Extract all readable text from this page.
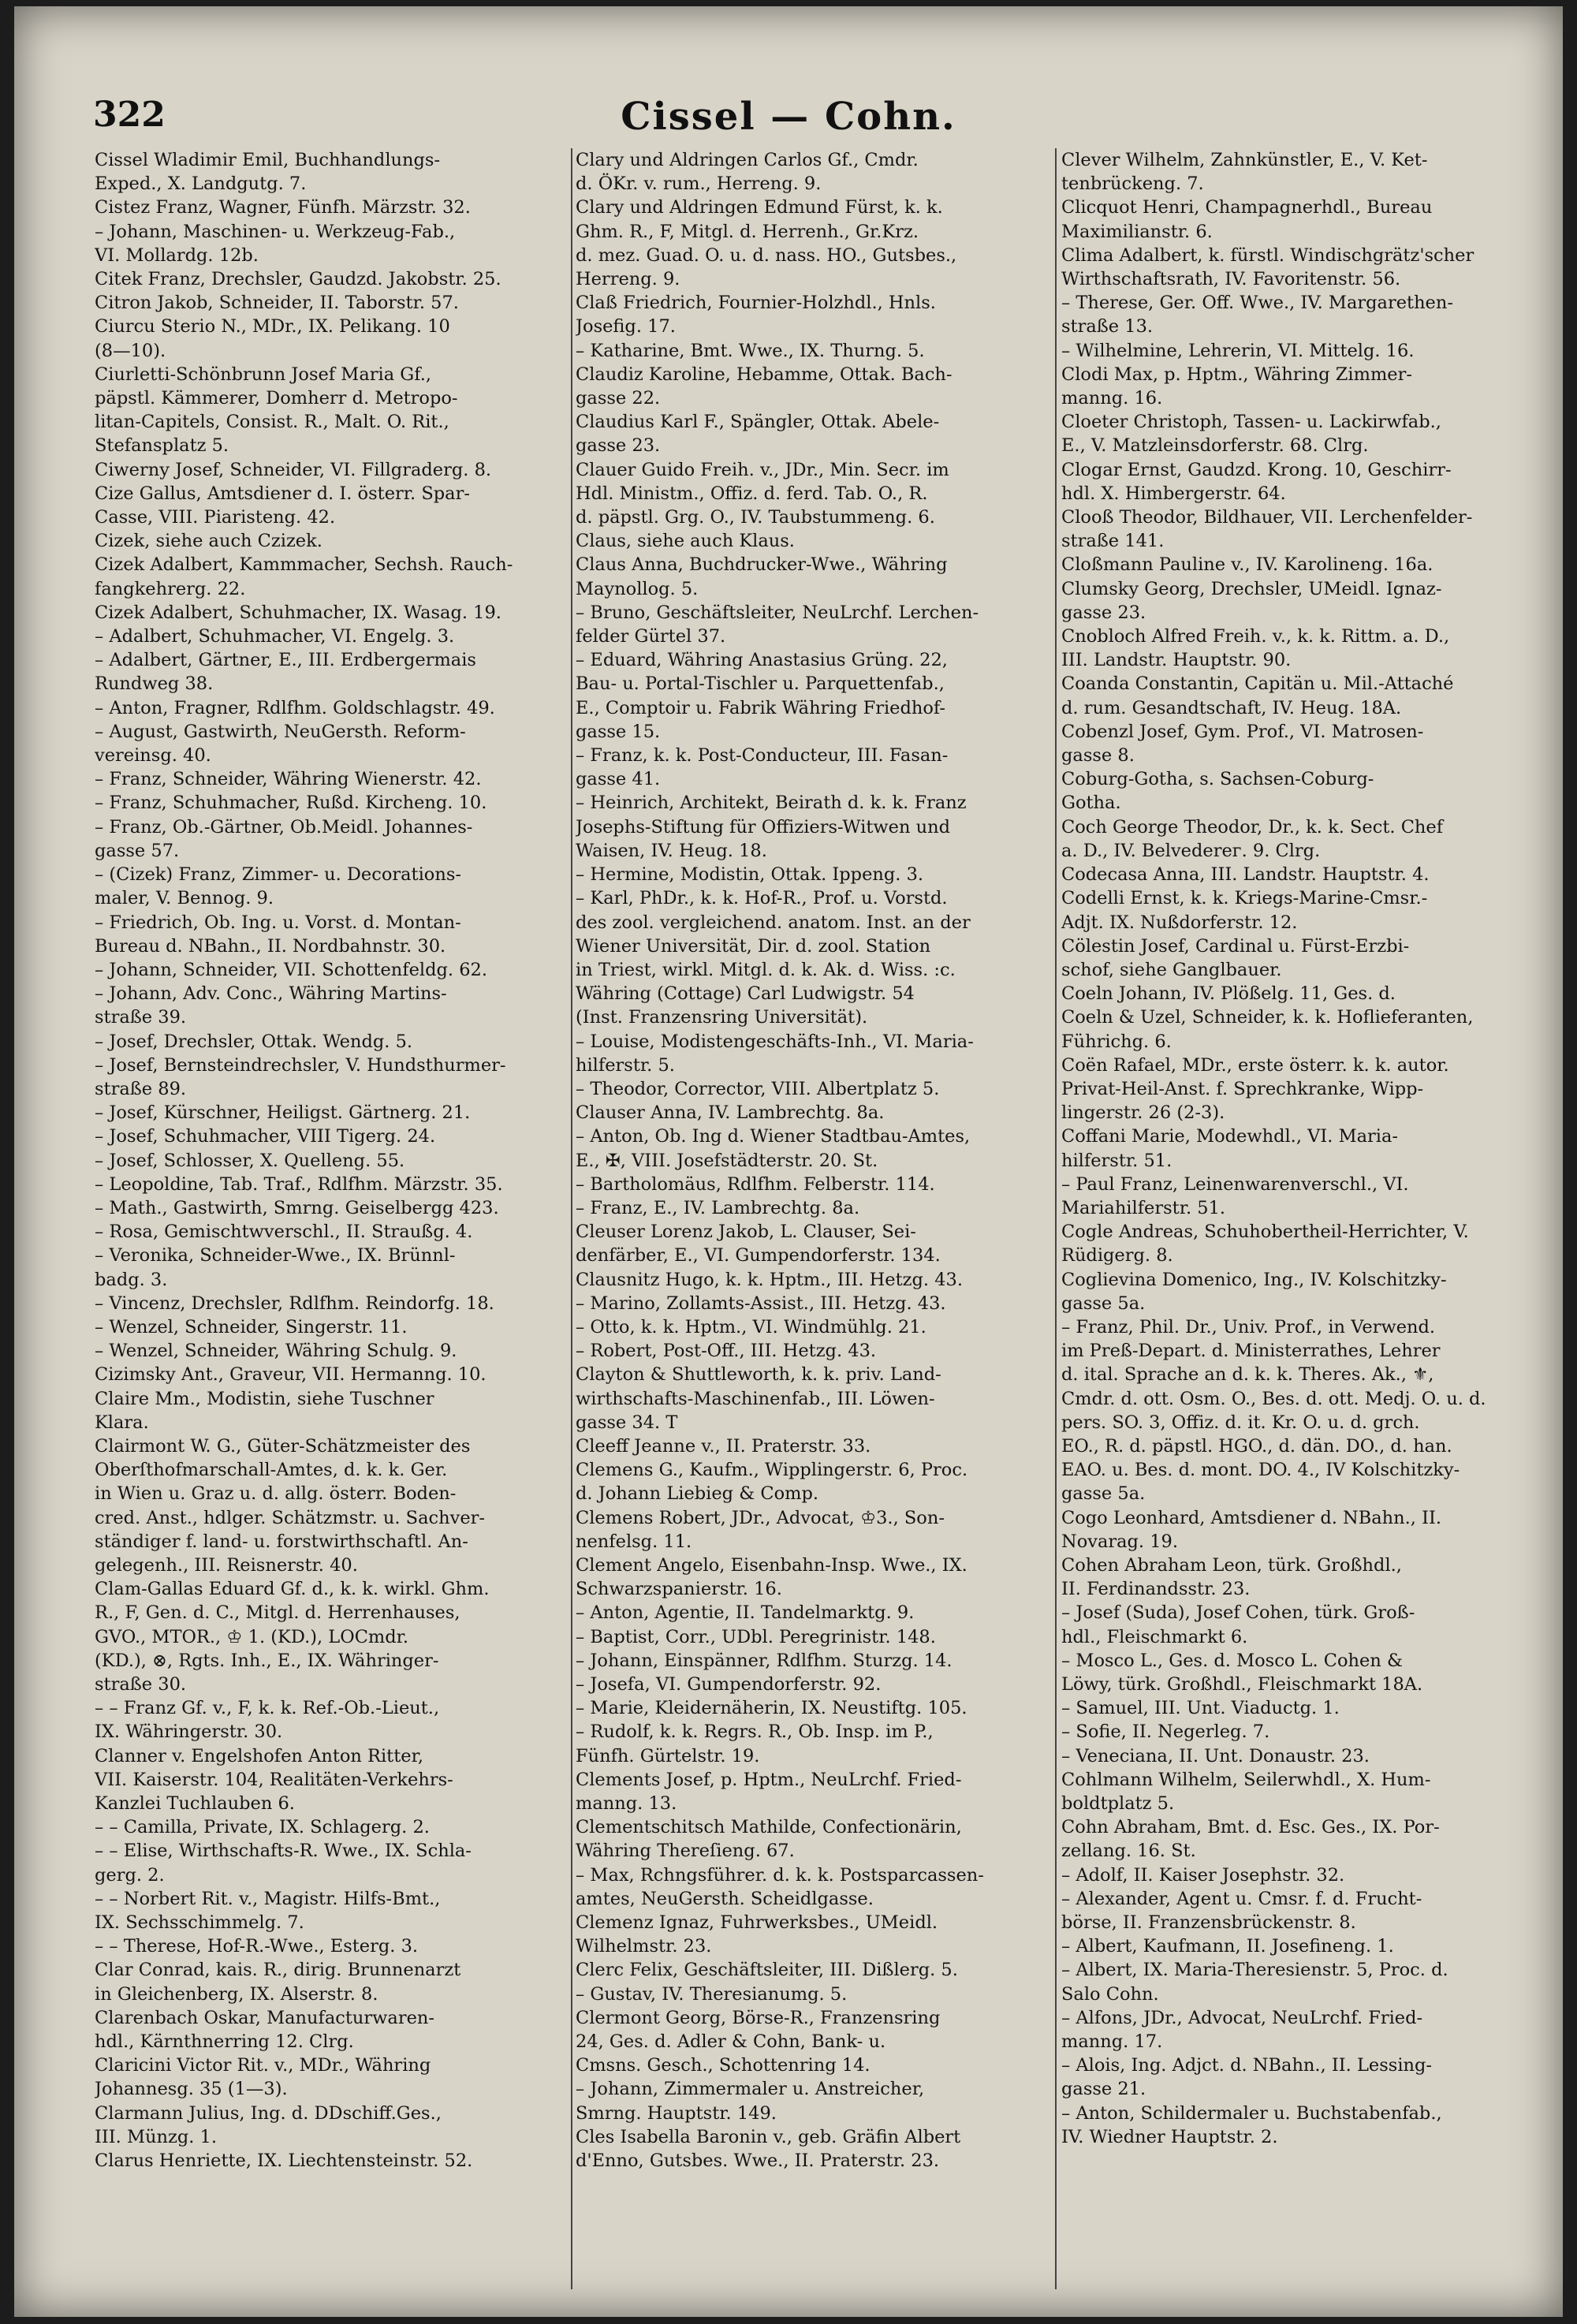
322	Cissel — Cohn.
Cissel Wladimir Emil, Buchhandlungs-
Exped., X. Landgutg. 7.
Cistez Franz, Wagner, Fünfh. Märzstr. 32.
– Johann, Maschinen- u. Werkzeug-Fab.,
VI. Mollardg. 12b.
Citek Franz, Drechsler, Gaudzd. Jakobstr. 25.
Citron Jakob, Schneider, II. Taborstr. 57.
Ciurcu Sterio N., MDr., IX. Pelikang. 10
(8—10).
Ciurletti-Schönbrunn Josef Maria Gf.,
päpstl. Kämmerer, Domherr d. Metropo-
litan-Capitels, Consist. R., Malt. O. Rit.,
Stefansplatz 5.
Ciwerny Josef, Schneider, VI. Fillgraderg. 8.
Cize Gallus, Amtsdiener d. I. österr. Spar-
Casse, VIII. Piaristeng. 42.
Cizek, siehe auch Czizek.
Cizek Adalbert, Kammmacher, Sechsh. Rauch-
fangkehrerg. 22.
Cizek Adalbert, Schuhmacher, IX. Wasag. 19.
– Adalbert, Schuhmacher, VI. Engelg. 3.
– Adalbert, Gärtner, E., III. Erdbergermais
Rundweg 38.
– Anton, Fragner, Rdlfhm. Goldschlagstr. 49.
– August, Gastwirth, NeuGersth. Reform-
vereinsg. 40.
– Franz, Schneider, Währing Wienerstr. 42.
– Franz, Schuhmacher, Rußd. Kircheng. 10.
– Franz, Ob.-Gärtner, Ob.Meidl. Johannes-
gasse 57.
– (Cizek) Franz, Zimmer- u. Decorations-
maler, V. Bennog. 9.
– Friedrich, Ob. Ing. u. Vorst. d. Montan-
Bureau d. NBahn., II. Nordbahnstr. 30.
– Johann, Schneider, VII. Schottenfeldg. 62.
– Johann, Adv. Conc., Währing Martins-
straße 39.
– Josef, Drechsler, Ottak. Wendg. 5.
– Josef, Bernsteindrechsler, V. Hundsthurmer-
straße 89.
– Josef, Kürschner, Heiligst. Gärtnerg. 21.
– Josef, Schuhmacher, VIII Tigerg. 24.
– Josef, Schlosser, X. Quelleng. 55.
– Leopoldine, Tab. Traf., Rdlfhm. Märzstr. 35.
– Math., Gastwirth, Smrng. Geiselbergg 423.
– Rosa, Gemischtwverschl., II. Straußg. 4.
– Veronika, Schneider-Wwe., IX. Brünnl-
badg. 3.
– Vincenz, Drechsler, Rdlfhm. Reindorfg. 18.
– Wenzel, Schneider, Singerstr. 11.
– Wenzel, Schneider, Währing Schulg. 9.
Cizimsky Ant., Graveur, VII. Hermanng. 10.
Claire Mm., Modistin, siehe Tuschner
Klara.
Clairmont W. G., Güter-Schätzmeister des
Oberſthofmarschall-Amtes, d. k. k. Ger.
in Wien u. Graz u. d. allg. österr. Boden-
cred. Anst., hdlger. Schätzmstr. u. Sachver-
ständiger f. land- u. forstwirthschaftl. An-
gelegenh., III. Reisnerstr. 40.
Clam-Gallas Eduard Gf. d., k. k. wirkl. Ghm.
R., F, Gen. d. C., Mitgl. d. Herrenhauses,
GVO., MTOR., ♔ 1. (KD.), LOCmdr.
(KD.), ⊗, Rgts. Inh., E., IX. Währinger-
straße 30.
– – Franz Gf. v., F, k. k. Ref.-Ob.-Lieut.,
IX. Währingerstr. 30.
Clanner v. Engelshofen Anton Ritter,
VII. Kaiserstr. 104, Realitäten-Verkehrs-
Kanzlei Tuchlauben 6.
– – Camilla, Private, IX. Schlagerg. 2.
– – Elise, Wirthschafts-R. Wwe., IX. Schla-
gerg. 2.
– – Norbert Rit. v., Magistr. Hilfs-Bmt.,
IX. Sechsschimmelg. 7.
– – Therese, Hof-R.-Wwe., Esterg. 3.
Clar Conrad, kais. R., dirig. Brunnenarzt
in Gleichenberg, IX. Alserstr. 8.
Clarenbach Oskar, Manufacturwaren-
hdl., Kärnthnerring 12. Clrg.
Claricini Victor Rit. v., MDr., Währing
Johannesg. 35 (1—3).
Clarmann Julius, Ing. d. DDschiff.Ges.,
III. Münzg. 1.
Clarus Henriette, IX. Liechtensteinstr. 52.
Clary und Aldringen Carlos Gf., Cmdr.
d. ÖKr. v. rum., Herreng. 9.
Clary und Aldringen Edmund Fürst, k. k.
Ghm. R., F, Mitgl. d. Herrenh., Gr.Krz.
d. mez. Guad. O. u. d. nass. HO., Gutsbes.,
Herreng. 9.
Claß Friedrich, Fournier-Holzhdl., Hnls.
Josefig. 17.
– Katharine, Bmt. Wwe., IX. Thurng. 5.
Claudiz Karoline, Hebamme, Ottak. Bach-
gasse 22.
Claudius Karl F., Spängler, Ottak. Abele-
gasse 23.
Clauer Guido Freih. v., JDr., Min. Secr. im
Hdl. Ministm., Offiz. d. ferd. Tab. O., R.
d. päpstl. Grg. O., IV. Taubstummeng. 6.
Claus, siehe auch Klaus.
Claus Anna, Buchdrucker-Wwe., Währing
Maynollog. 5.
– Bruno, Geschäftsleiter, NeuLrchf. Lerchen-
felder Gürtel 37.
– Eduard, Währing Anastasius Grüng. 22,
Bau- u. Portal-Tischler u. Parquettenfab.,
E., Comptoir u. Fabrik Währing Friedhof-
gasse 15.
– Franz, k. k. Post-Conducteur, III. Fasan-
gasse 41.
– Heinrich, Architekt, Beirath d. k. k. Franz
Josephs-Stiftung für Offiziers-Witwen und
Waisen, IV. Heug. 18.
– Hermine, Modistin, Ottak. Ippeng. 3.
– Karl, PhDr., k. k. Hof-R., Prof. u. Vorstd.
des zool. vergleichend. anatom. Inst. an der
Wiener Universität, Dir. d. zool. Station
in Triest, wirkl. Mitgl. d. k. Ak. d. Wiss. :c.
Währing (Cottage) Carl Ludwigstr. 54
(Inst. Franzensring Universität).
– Louise, Modistengeschäfts-Inh., VI. Maria-
hilferstr. 5.
– Theodor, Corrector, VIII. Albertplatz 5.
Clauser Anna, IV. Lambrechtg. 8a.
– Anton, Ob. Ing d. Wiener Stadtbau-Amtes,
E., ✠, VIII. Josefstädterstr. 20. St.
– Bartholomäus, Rdlfhm. Felberstr. 114.
– Franz, E., IV. Lambrechtg. 8a.
Cleuser Lorenz Jakob, L. Clauser, Sei-
denfärber, E., VI. Gumpendorferstr. 134.
Clausnitz Hugo, k. k. Hptm., III. Hetzg. 43.
– Marino, Zollamts-Assist., III. Hetzg. 43.
– Otto, k. k. Hptm., VI. Windmühlg. 21.
– Robert, Post-Off., III. Hetzg. 43.
Clayton & Shuttleworth, k. k. priv. Land-
wirthschafts-Maschinenfab., III. Löwen-
gasse 34. T
Cleeff Jeanne v., II. Praterstr. 33.
Clemens G., Kaufm., Wipplingerstr. 6, Proc.
d. Johann Liebieg & Comp.
Clemens Robert, JDr., Advocat, ♔3., Son-
nenfelsg. 11.
Clement Angelo, Eisenbahn-Insp. Wwe., IX.
Schwarzspanierstr. 16.
– Anton, Agentie, II. Tandelmarktg. 9.
– Baptist, Corr., UDbl. Peregrinistr. 148.
– Johann, Einspänner, Rdlfhm. Sturzg. 14.
– Josefa, VI. Gumpendorferstr. 92.
– Marie, Kleidernäherin, IX. Neustiftg. 105.
– Rudolf, k. k. Regrs. R., Ob. Insp. im P.,
Fünfh. Gürtelstr. 19.
Clements Josef, p. Hptm., NeuLrchf. Fried-
manng. 13.
Clementschitsch Mathilde, Confectionärin,
Währing Thereſieng. 67.
– Max, Rchngsführer. d. k. k. Postsparcassen-
amtes, NeuGersth. Scheidlgasse.
Clemenz Ignaz, Fuhrwerksbes., UMeidl.
Wilhelmstr. 23.
Clerc Felix, Geschäftsleiter, III. Dißlerg. 5.
– Gustav, IV. Theresianumg. 5.
Clermont Georg, Börse-R., Franzensring
24, Ges. d. Adler & Cohn, Bank- u.
Cmsns. Gesch., Schottenring 14.
– Johann, Zimmermaler u. Anstreicher,
Smrng. Hauptstr. 149.
Cles Isabella Baronin v., geb. Gräfin Albert
d'Enno, Gutsbes. Wwe., II. Praterstr. 23.
Clever Wilhelm, Zahnkünstler, E., V. Ket-
tenbrückeng. 7.
Clicquot Henri, Champagnerhdl., Bureau
Maximilianstr. 6.
Clima Adalbert, k. fürstl. Windischgrätz'scher
Wirthschaftsrath, IV. Favoritenstr. 56.
– Therese, Ger. Off. Wwe., IV. Margarethen-
straße 13.
– Wilhelmine, Lehrerin, VI. Mittelg. 16.
Clodi Max, p. Hptm., Währing Zimmer-
manng. 16.
Cloeter Christoph, Tassen- u. Lackirwfab.,
E., V. Matzleinsdorferstr. 68. Clrg.
Clogar Ernst, Gaudzd. Krong. 10, Geschirr-
hdl. X. Himbergerstr. 64.
Clooß Theodor, Bildhauer, VII. Lerchenfelder-
straße 141.
Cloßmann Pauline v., IV. Karolineng. 16a.
Clumsky Georg, Drechsler, UMeidl. Ignaz-
gasse 23.
Cnobloch Alfred Freih. v., k. k. Rittm. a. D.,
III. Landstr. Hauptstr. 90.
Coanda Constantin, Capitän u. Mil.-Attaché
d. rum. Gesandtschaft, IV. Heug. 18A.
Cobenzl Josef, Gym. Prof., VI. Matrosen-
gasse 8.
Coburg-Gotha, s. Sachsen-Coburg-
Gotha.
Coch George Theodor, Dr., k. k. Sect. Chef
a. D., IV. Belvederег. 9. Clrg.
Codecasa Anna, III. Landstr. Hauptstr. 4.
Codelli Ernst, k. k. Kriegs-Marine-Cmsr.-
Adjt. IX. Nußdorferstr. 12.
Cölestin Josef, Cardinal u. Fürst-Erzbi-
schof, siehe Ganglbauer.
Coeln Johann, IV. Plößelg. 11, Ges. d.
Coeln & Uzel, Schneider, k. k. Hoflieferanten,
Führichg. 6.
Coën Rafael, MDr., erste österr. k. k. autor.
Privat-Heil-Anst. f. Sprechkranke, Wipp-
lingerstr. 26 (2-3).
Coffani Marie, Modewhdl., VI. Maria-
hilferstr. 51.
– Paul Franz, Leinenwarenverschl., VI.
Mariahilferstr. 51.
Cogle Andreas, Schuhobertheil-Herrichter, V.
Rüdigerg. 8.
Coglievina Domenico, Ing., IV. Kolschitzky-
gasse 5a.
– Franz, Phil. Dr., Univ. Prof., in Verwend.
im Preß-Depart. d. Ministerrathes, Lehrer
d. ital. Sprache an d. k. k. Theres. Ak., ⚜,
Cmdr. d. ott. Osm. O., Bes. d. ott. Medj. O. u. d.
pers. SO. 3, Offiz. d. it. Kr. O. u. d. grch.
EO., R. d. päpstl. HGO., d. dän. DO., d. han.
EAO. u. Bes. d. mont. DO. 4., IV Kolschitzky-
gasse 5a.
Cogo Leonhard, Amtsdiener d. NBahn., II.
Novarag. 19.
Cohen Abraham Leon, türk. Großhdl.,
II. Ferdinandsstr. 23.
– Josef (Suda), Josef Cohen, türk. Groß-
hdl., Fleischmarkt 6.
– Mosco L., Ges. d. Mosco L. Cohen &
Löwy, türk. Großhdl., Fleischmarkt 18A.
– Samuel, III. Unt. Viaductg. 1.
– Sofie, II. Negerleg. 7.
– Veneciana, II. Unt. Donaustr. 23.
Cohlmann Wilhelm, Seilerwhdl., X. Hum-
boldtplatz 5.
Cohn Abraham, Bmt. d. Esc. Ges., IX. Por-
zellang. 16. St.
– Adolf, II. Kaiser Josephstr. 32.
– Alexander, Agent u. Cmsr. f. d. Frucht-
börse, II. Franzensbrückenstr. 8.
– Albert, Kaufmann, II. Josefineng. 1.
– Albert, IX. Maria-Theresienstr. 5, Proc. d.
Salo Cohn.
– Alfons, JDr., Advocat, NeuLrchf. Fried-
manng. 17.
– Alois, Ing. Adjct. d. NBahn., II. Lessing-
gasse 21.
– Anton, Schildermaler u. Buchstabenfab.,
IV. Wiedner Hauptstr. 2.
